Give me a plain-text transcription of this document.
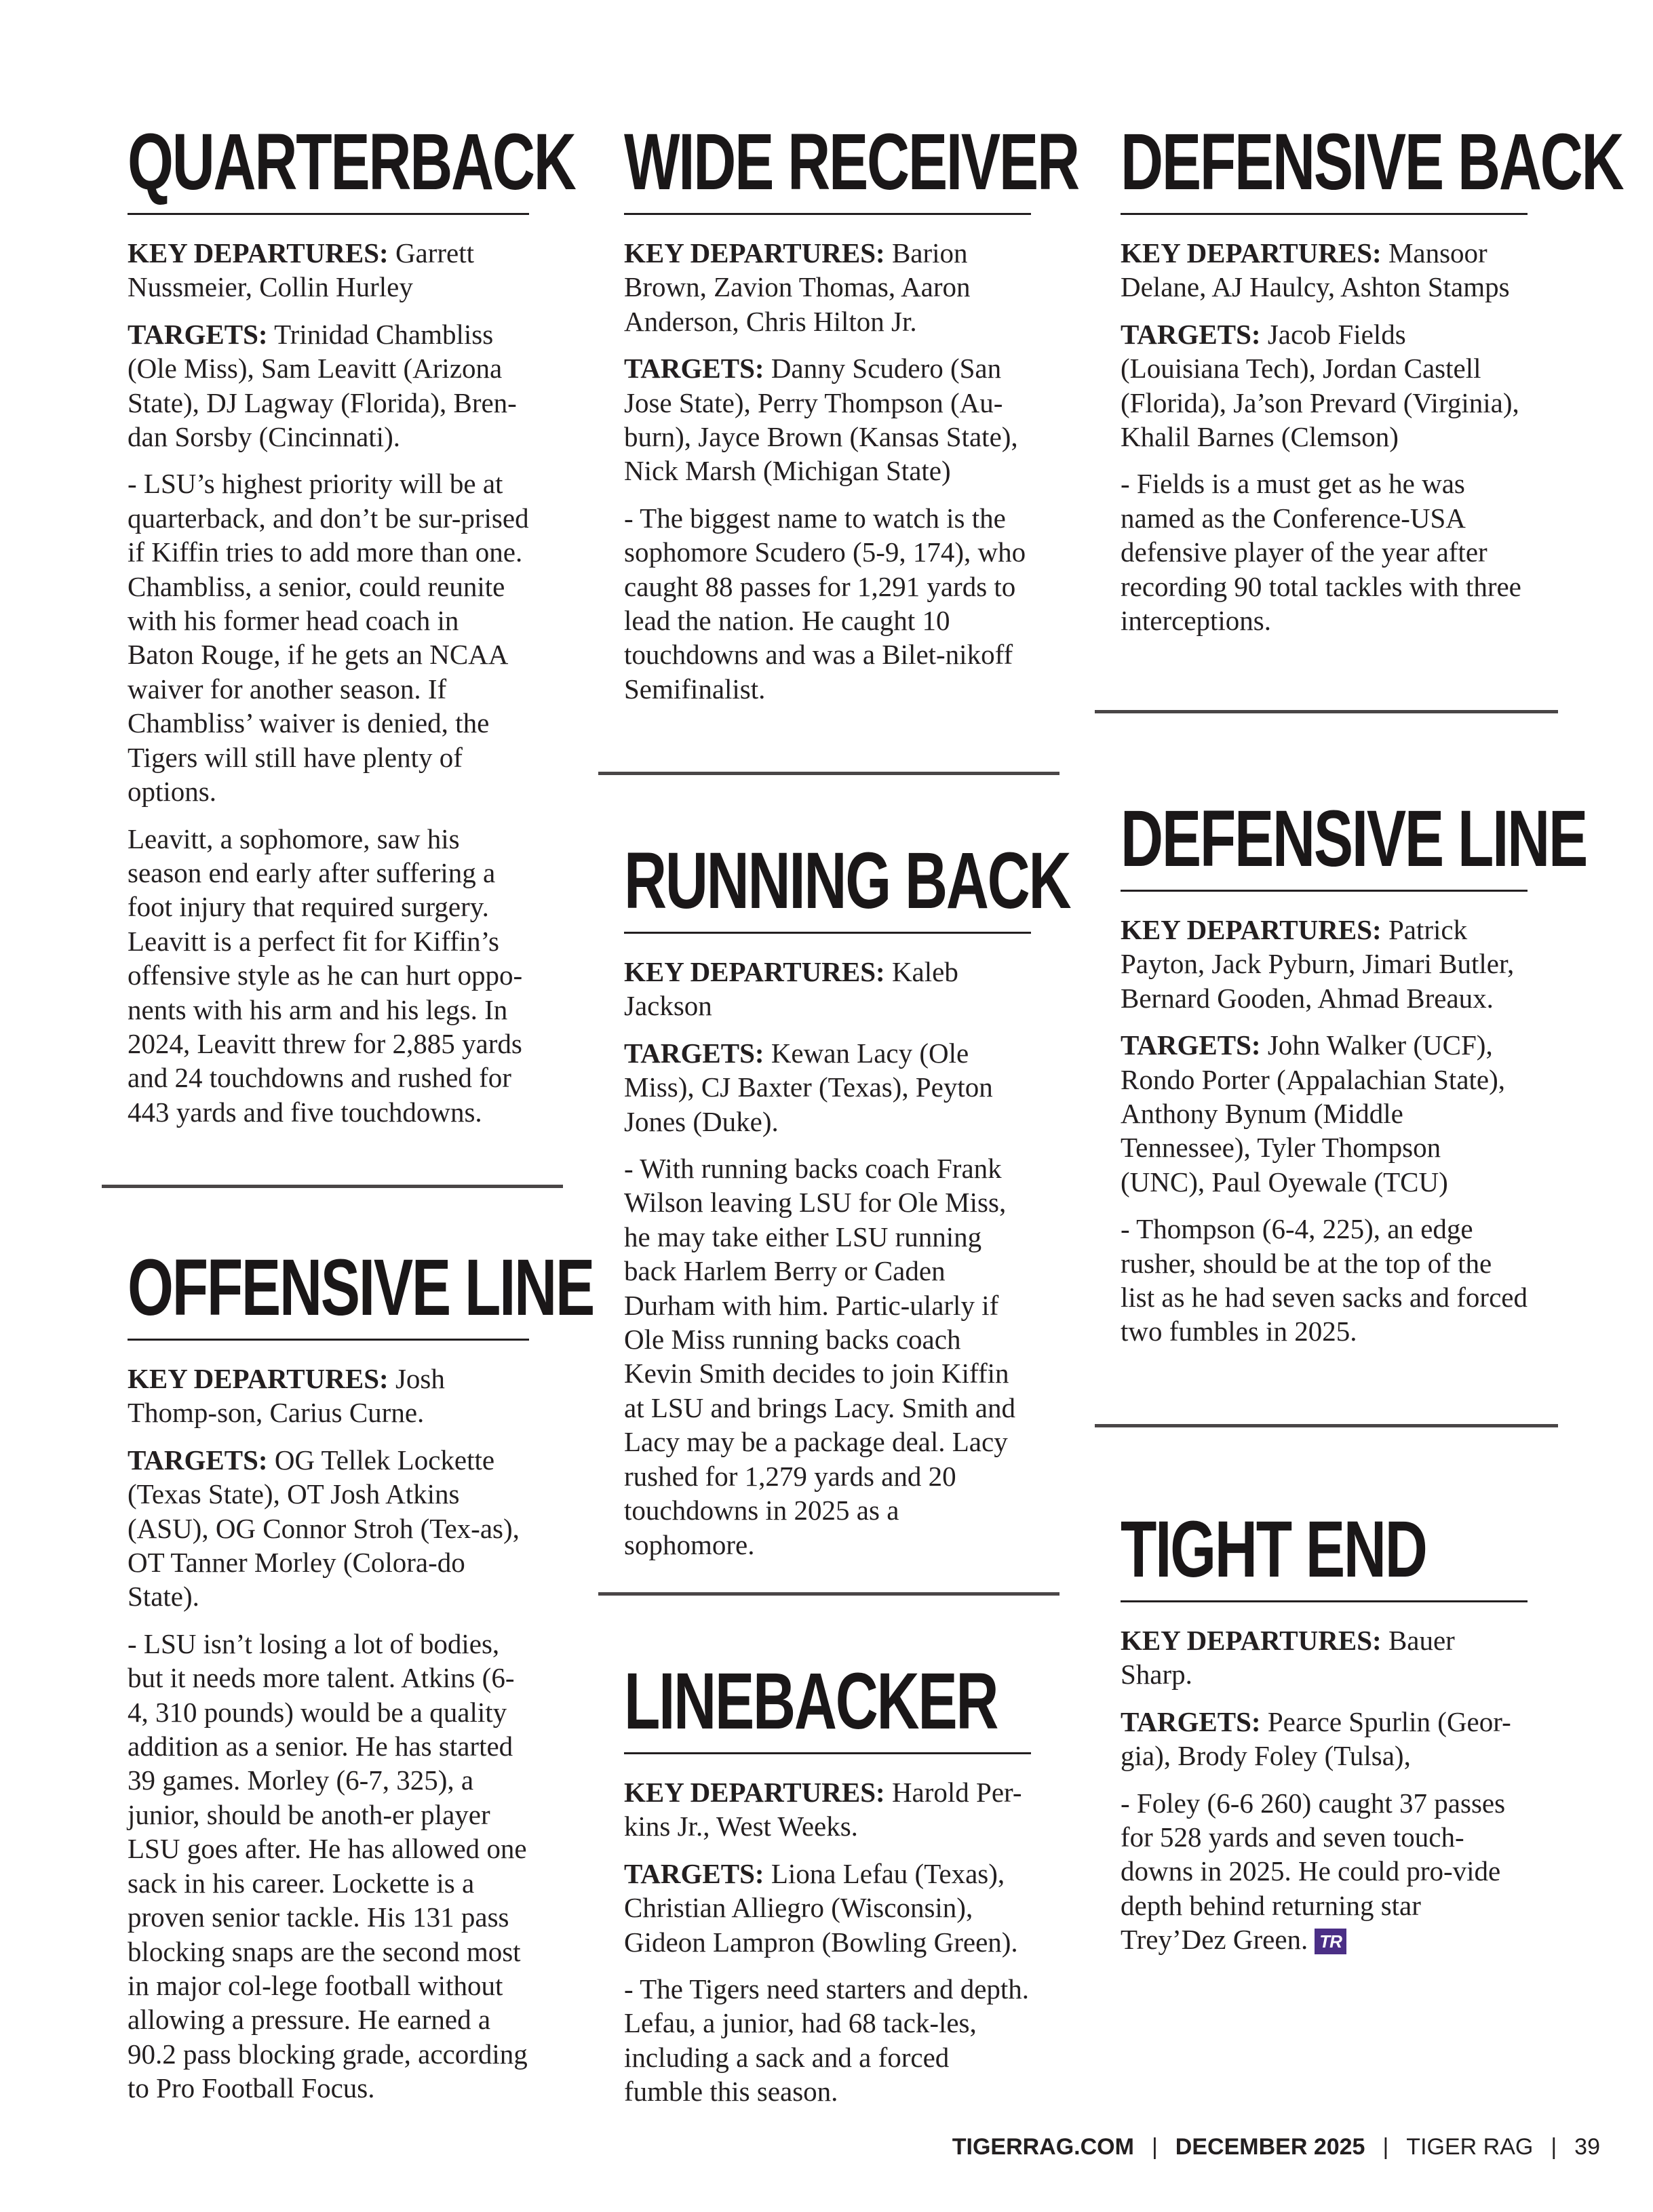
QUARTERBACK

KEY DEPARTURES: Garrett Nussmeier, Collin Hurley

TARGETS: Trinidad Chambliss (Ole Miss), Sam Leavitt (Arizona State), DJ Lagway (Florida), Bren-dan Sorsby (Cincinnati).

- LSU’s highest priority will be at quarterback, and don’t be sur-prised if Kiffin tries to add more than one. Chambliss, a senior, could reunite with his former head coach in Baton Rouge, if he gets an NCAA waiver for another season. If Chambliss’ waiver is denied, the Tigers will still have plenty of options.

Leavitt, a sophomore, saw his season end early after suffering a foot injury that required surgery. Leavitt is a perfect fit for Kiffin’s offensive style as he can hurt oppo-nents with his arm and his legs. In 2024, Leavitt threw for 2,885 yards and 24 touchdowns and rushed for 443 yards and five touchdowns.

OFFENSIVE LINE

KEY DEPARTURES: Josh Thomp-son, Carius Curne.

TARGETS: OG Tellek Lockette (Texas State), OT Josh Atkins (ASU), OG Connor Stroh (Tex-as), OT Tanner Morley (Colora-do State).

- LSU isn’t losing a lot of bodies, but it needs more talent. Atkins (6-4, 310 pounds) would be a quality addition as a senior. He has started 39 games. Morley (6-7, 325), a junior, should be anoth-er player LSU goes after. He has allowed one sack in his career. Lockette is a proven senior tackle. His 131 pass blocking snaps are the second most in major col-lege football without allowing a pressure. He earned a 90.2 pass blocking grade, according to Pro Football Focus.

WIDE RECEIVER

KEY DEPARTURES: Barion Brown, Zavion Thomas, Aaron Anderson, Chris Hilton Jr.

TARGETS: Danny Scudero (San Jose State), Perry Thompson (Au-burn), Jayce Brown (Kansas State), Nick Marsh (Michigan State)

- The biggest name to watch is the sophomore Scudero (5-9, 174), who caught 88 passes for 1,291 yards to lead the nation. He caught 10 touchdowns and was a Bilet-nikoff Semifinalist.

RUNNING BACK

KEY DEPARTURES: Kaleb Jackson

TARGETS: Kewan Lacy (Ole Miss), CJ Baxter (Texas), Peyton Jones (Duke).

- With running backs coach Frank Wilson leaving LSU for Ole Miss, he may take either LSU running back Harlem Berry or Caden Durham with him. Partic-ularly if Ole Miss running backs coach Kevin Smith decides to join Kiffin at LSU and brings Lacy. Smith and Lacy may be a package deal. Lacy rushed for 1,279 yards and 20 touchdowns in 2025 as a sophomore.

LINEBACKER

KEY DEPARTURES: Harold Per-kins Jr., West Weeks.

TARGETS: Liona Lefau (Texas), Christian Alliegro (Wisconsin), Gideon Lampron (Bowling Green).

- The Tigers need starters and depth. Lefau, a junior, had 68 tack-les, including a sack and a forced fumble this season.

DEFENSIVE BACK

KEY DEPARTURES: Mansoor Delane, AJ Haulcy, Ashton Stamps

TARGETS: Jacob Fields (Louisiana Tech), Jordan Castell (Florida), Ja’son Prevard (Virginia), Khalil Barnes (Clemson)

- Fields is a must get as he was named as the Conference-USA defensive player of the year after recording 90 total tackles with three interceptions.

DEFENSIVE LINE

KEY DEPARTURES: Patrick Payton, Jack Pyburn, Jimari Butler, Bernard Gooden, Ahmad Breaux.

TARGETS: John Walker (UCF), Rondo Porter (Appalachian State), Anthony Bynum (Middle Tennessee), Tyler Thompson (UNC), Paul Oyewale (TCU)

- Thompson (6-4, 225), an edge rusher, should be at the top of the list as he had seven sacks and forced two fumbles in 2025.

TIGHT END

KEY DEPARTURES: Bauer Sharp.

TARGETS: Pearce Spurlin (Geor-gia), Brody Foley (Tulsa),

- Foley (6-6 260) caught 37 passes for 528 yards and seven touch-downs in 2025. He could pro-vide depth behind returning star Trey’Dez Green. TR

TIGERRAG.COM | DECEMBER 2025 | TIGER RAG | 39
